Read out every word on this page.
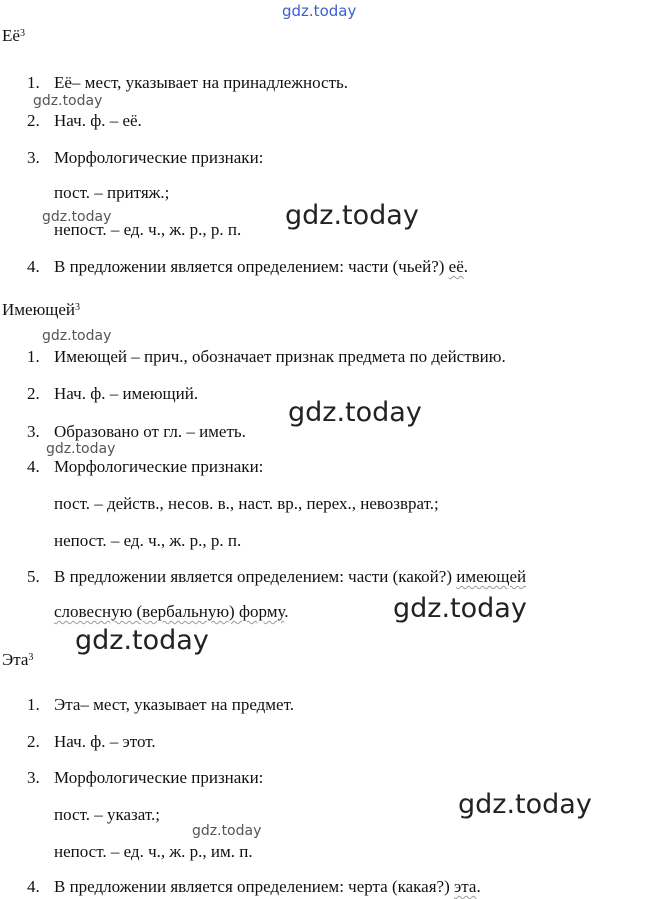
gdz.today
gdz.today
gdz.today	gdz.today
gdz.today
gdz.today
gdz.today
gdz.today
gdz.today
gdz.today
gdz.today
$Её^3$
1. Её– мест, указывает на принадлежность.
2. Нач. ф. – её.
3. Морфологические признаки:
пост. – притяж.;
непост. – ед. ч., ж. р., р. п.
4. В предложении является определением: части (чьей?) её.
Имеющей$^3$
1. Имеющей – прич., обозначает признак предмета по действию.
2. Нач. ф. – имеющий.
3. Образовано от гл. – иметь.
4. Морфологические признаки:
пост. – действ., несов. в., наст. вр., перех., невозврат.;
непост. – ед. ч., ж. р., р. п.
5. В предложении является определением: части (какой?) имеющей
словесную (вербальную) форму.
Эта$^3$
1. Эта– мест, указывает на предмет.
2. Нач. ф. – этот.
3. Морфологические признаки:
пост. – указат.;
непост. – ед. ч., ж. р., им. п.
4. В предложении является определением: черта (какая?) эта.
